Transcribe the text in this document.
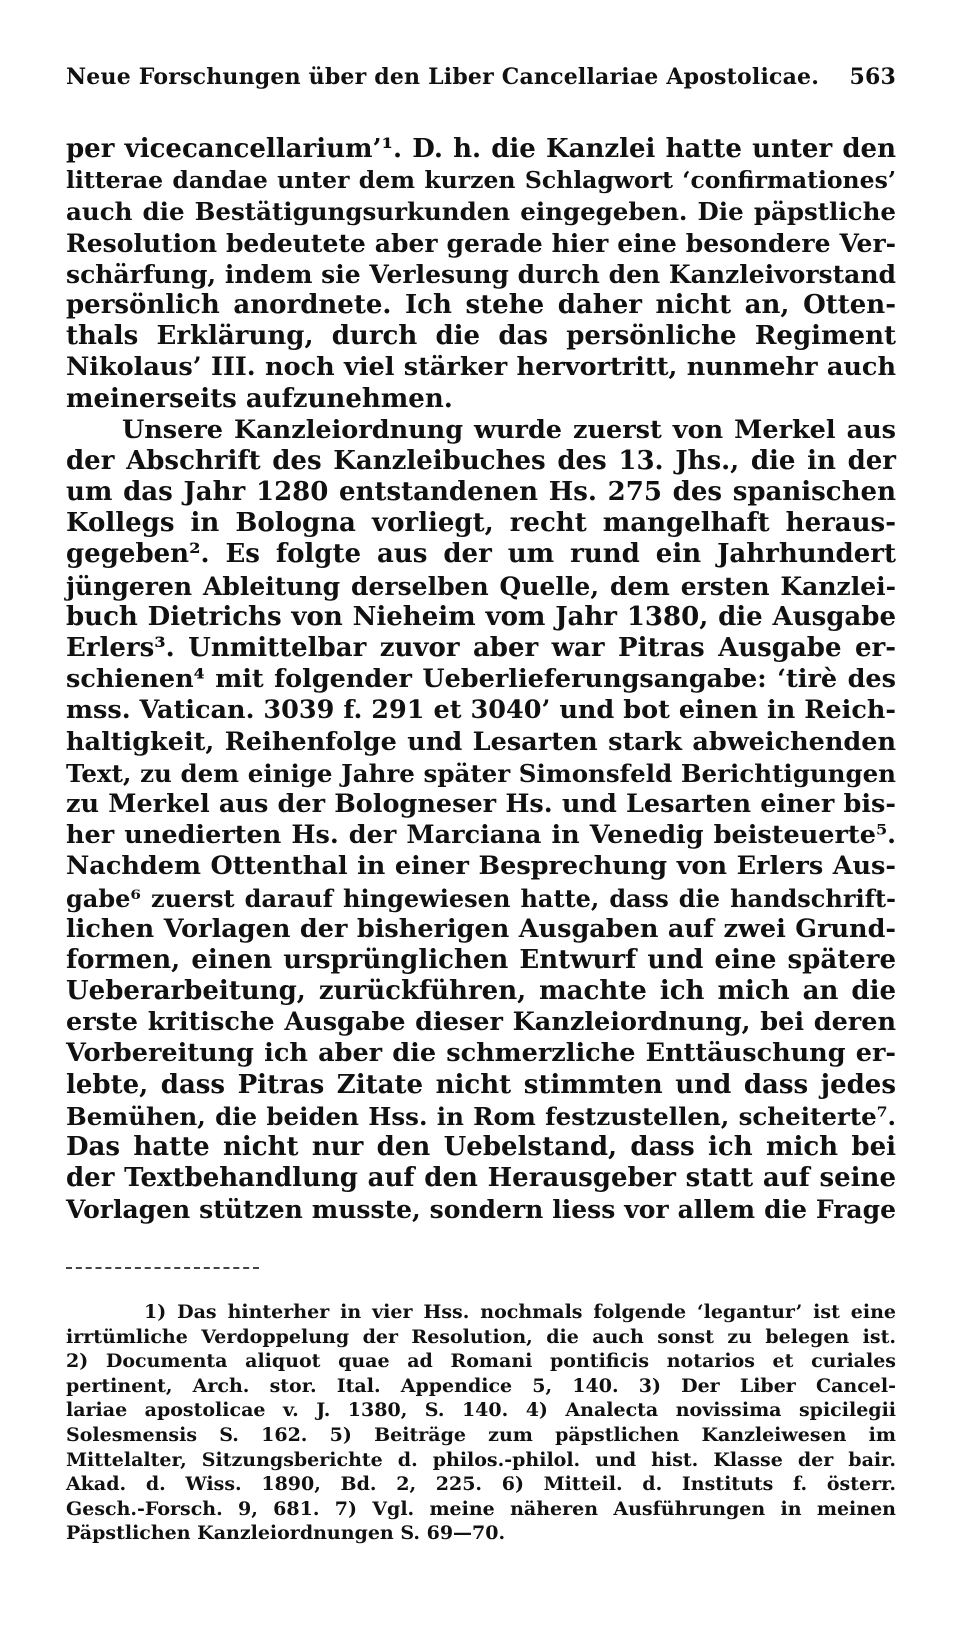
Neue Forschungen über den Liber Cancellariae Apostolicae. 563
per vicecancellarium’¹. D. h. die Kanzlei hatte unter den
litterae dandae unter dem kurzen Schlagwort ‘confirmationes’
auch die Bestätigungsurkunden eingegeben. Die päpstliche
Resolution bedeutete aber gerade hier eine besondere Ver-
schärfung, indem sie Verlesung durch den Kanzleivorstand
persönlich anordnete. Ich stehe daher nicht an, Otten-
thals Erklärung, durch die das persönliche Regiment
Nikolaus’ III. noch viel stärker hervortritt, nunmehr auch
meinerseits aufzunehmen.
Unsere Kanzleiordnung wurde zuerst von Merkel aus
der Abschrift des Kanzleibuches des 13. Jhs., die in der
um das Jahr 1280 entstandenen Hs. 275 des spanischen
Kollegs in Bologna vorliegt, recht mangelhaft heraus-
gegeben². Es folgte aus der um rund ein Jahrhundert
jüngeren Ableitung derselben Quelle, dem ersten Kanzlei-
buch Dietrichs von Nieheim vom Jahr 1380, die Ausgabe
Erlers³. Unmittelbar zuvor aber war Pitras Ausgabe er-
schienen⁴ mit folgender Ueberlieferungsangabe: ‘tirè des
mss. Vatican. 3039 f. 291 et 3040’ und bot einen in Reich-
haltigkeit, Reihenfolge und Lesarten stark abweichenden
Text, zu dem einige Jahre später Simonsfeld Berichtigungen
zu Merkel aus der Bologneser Hs. und Lesarten einer bis-
her unedierten Hs. der Marciana in Venedig beisteuerte⁵.
Nachdem Ottenthal in einer Besprechung von Erlers Aus-
gabe⁶ zuerst darauf hingewiesen hatte, dass die handschrift-
lichen Vorlagen der bisherigen Ausgaben auf zwei Grund-
formen, einen ursprünglichen Entwurf und eine spätere
Ueberarbeitung, zurückführen, machte ich mich an die
erste kritische Ausgabe dieser Kanzleiordnung, bei deren
Vorbereitung ich aber die schmerzliche Enttäuschung er-
lebte, dass Pitras Zitate nicht stimmten und dass jedes
Bemühen, die beiden Hss. in Rom festzustellen, scheiterte⁷.
Das hatte nicht nur den Uebelstand, dass ich mich bei
der Textbehandlung auf den Herausgeber statt auf seine
Vorlagen stützen musste, sondern liess vor allem die Frage
1) Das hinterher in vier Hss. nochmals folgende ‘legantur’ ist eine
irrtümliche Verdoppelung der Resolution, die auch sonst zu belegen ist.
2) Documenta aliquot quae ad Romani pontificis notarios et curiales
pertinent, Arch. stor. Ital. Appendice 5, 140. 3) Der Liber Cancel-
lariae apostolicae v. J. 1380, S. 140. 4) Analecta novissima spicilegii
Solesmensis S. 162. 5) Beiträge zum päpstlichen Kanzleiwesen im
Mittelalter, Sitzungsberichte d. philos.-philol. und hist. Klasse der bair.
Akad. d. Wiss. 1890, Bd. 2, 225. 6) Mitteil. d. Instituts f. österr.
Gesch.-Forsch. 9, 681. 7) Vgl. meine näheren Ausführungen in meinen
Päpstlichen Kanzleiordnungen S. 69—70.
